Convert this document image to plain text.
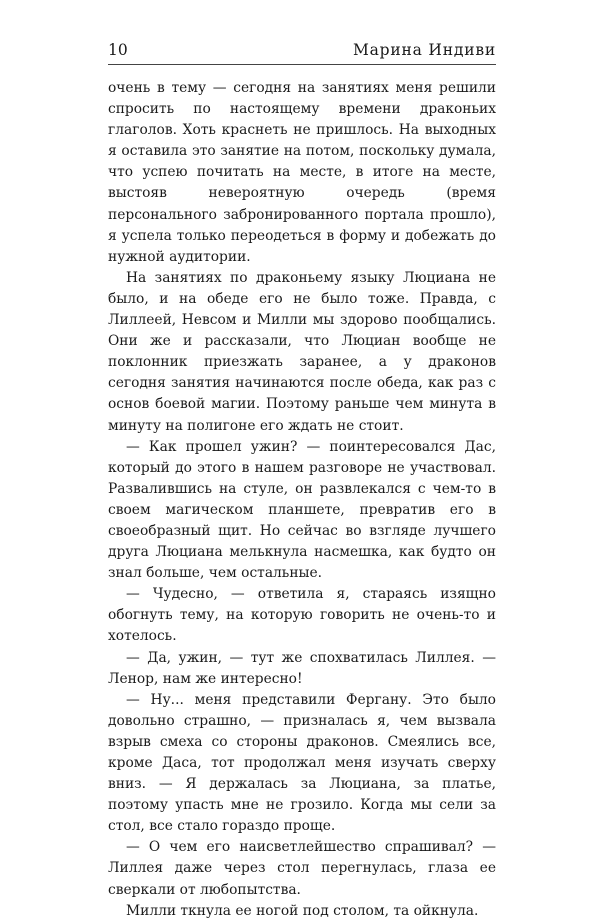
10	Марина Индиви

очень в тему — сегодня на занятиях меня решили спросить по настоящему времени драконьих глаголов. Хоть краснеть не пришлось. На выходных я оставила это занятие на потом, поскольку думала, что успею почитать на месте, в итоге на месте, выстояв невероятную очередь (время персонального забронированного портала прошло), я успела только переодеться в форму и добежать до нужной аудитории.

На занятиях по драконьему языку Люциана не было, и на обеде его не было тоже. Правда, с Лиллеей, Невсом и Милли мы здорово пообщались. Они же и рассказали, что Люциан вообще не поклонник приезжать заранее, а у драконов сегодня занятия начинаются после обеда, как раз с основ боевой магии. Поэтому раньше чем минута в минуту на полигоне его ждать не стоит.

— Как прошел ужин? — поинтересовался Дас, который до этого в нашем разговоре не участвовал. Развалившись на стуле, он развлекался с чем-то в своем магическом планшете, превратив его в своеобразный щит. Но сейчас во взгляде лучшего друга Люциана мелькнула насмешка, как будто он знал больше, чем остальные.

— Чудесно, — ответила я, стараясь изящно обогнуть тему, на которую говорить не очень-то и хотелось.

— Да, ужин, — тут же спохватилась Лиллея. — Ленор, нам же интересно!

— Ну... меня представили Фергану. Это было довольно страшно, — призналась я, чем вызвала взрыв смеха со стороны драконов. Смеялись все, кроме Даса, тот продолжал меня изучать сверху вниз. — Я держалась за Люциана, за платье, поэтому упасть мне не грозило. Когда мы сели за стол, все стало гораздо проще.

— О чем его наисветлейшество спрашивал? — Лиллея даже через стол перегнулась, глаза ее сверкали от любопытства.

Милли ткнула ее ногой под столом, та ойкнула.
